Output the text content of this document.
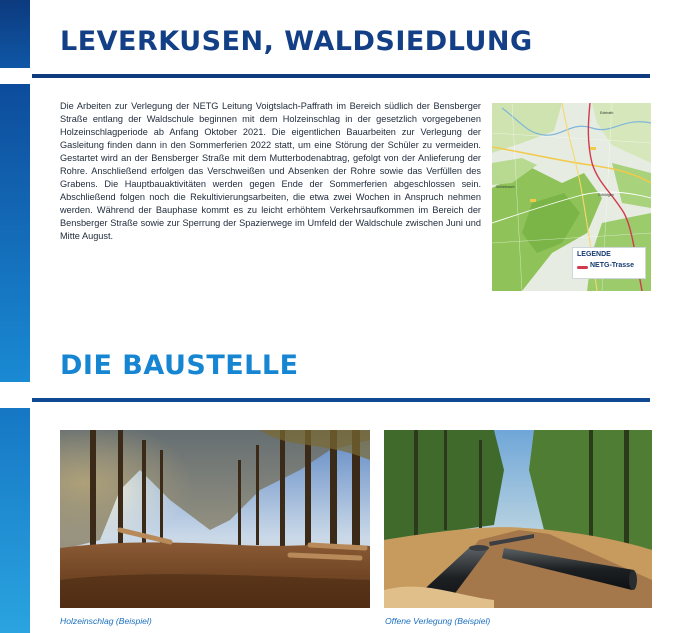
LEVERKUSEN, WALDSIEDLUNG

Die Arbeiten zur Verlegung der NETG Leitung Voigtslach-Paffrath im Bereich südlich der Bensberger Straße entlang der Waldschule beginnen mit dem Holzeinschlag in der gesetzlich vorgegebenen Holzeinschlagperiode ab Anfang Oktober 2021. Die eigentlichen Bauarbeiten zur Verlegung der Gasleitung finden dann in den Sommerferien 2022 statt, um eine Störung der Schüler zu vermeiden. Gestartet wird an der Bensberger Straße mit dem Mutterbodenabtrag, gefolgt von der Anlieferung der Rohre. Anschließend erfolgen das Verschweißen und Absenken der Rohre sowie das Verfüllen des Grabens. Die Hauptbauaktivitäten werden gegen Ende der Sommerferien abgeschlossen sein. Abschließend folgen noch die Rekultivierungsarbeiten, die etwa zwei Wochen in Anspruch nehmen werden. Während der Bauphase kommt es zu leicht erhöhtem Verkehrsaufkommen im Bereich der Bensberger Straße sowie zur Sperrung der Spazierwege im Umfeld der Waldschule zwischen Juni und Mitte August.

Edelrath
Schlebusch
Schildgen
LEGENDE
NETG-Trasse
DIE BAUSTELLE

Holzeinschlag (Beispiel)	Offene Verlegung (Beispiel)
